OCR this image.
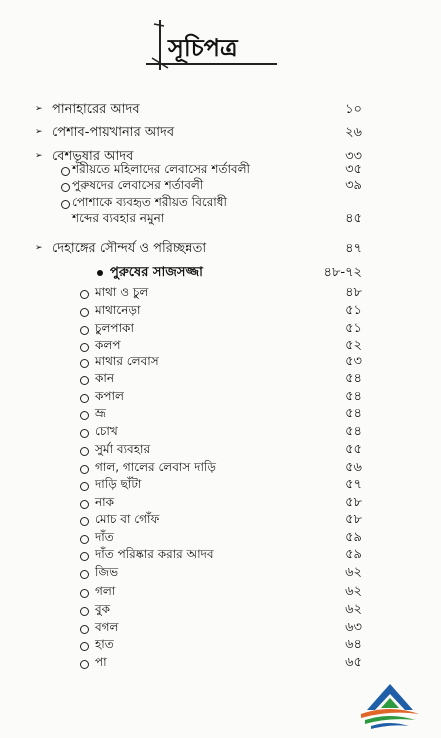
সূচিপত্র
➢ পানাহারের আদব	১০
➢ পেশাব-পায়খানার আদব	২৬
➢ বেশভূষার আদব	৩৩
শরীয়তে মহিলাদের লেবাসের শর্তাবলী	৩৫
পুরুষদের লেবাসের শর্তাবলী	৩৯
পোশাকে ব্যবহৃত শরীয়ত বিরোধী
শব্দের ব্যবহার নমুনা	৪৫
➢ দেহাঙ্গের সৌন্দর্য ও পরিচ্ছন্নতা	৪৭
পুরুষের সাজসজ্জা	৪৮-৭২
মাথা ও চুল	৪৮
মাথানেড়া	৫১
চুলপাকা	৫১
কলপ	৫২
মাথার লেবাস	৫৩
কান	৫৪
কপাল	৫৪
ভ্রূ	৫৪
চোখ	৫৪
সুর্মা ব্যবহার	৫৫
গাল, গালের লেবাস দাড়ি	৫৬
দাড়ি ছাঁটা	৫৭
নাক	৫৮
মোচ বা গোঁফ	৫৮
দাঁত	৫৯
দাঁত পরিষ্কার করার আদব	৫৯
জিভ	৬২
গলা	৬২
বুক	৬২
বগল	৬৩
হাত	৬৪
পা	৬৫
